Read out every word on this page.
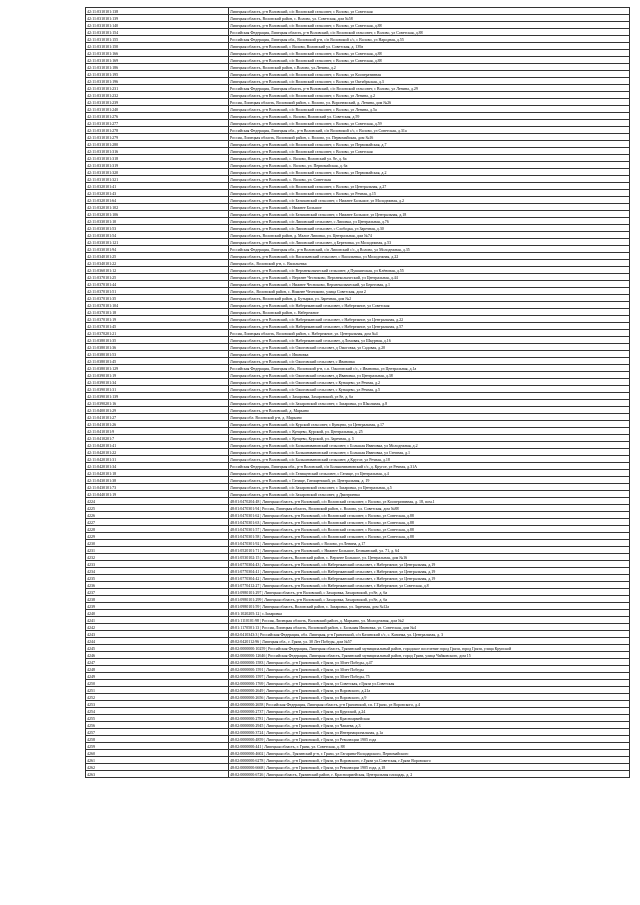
42:11:0310101:138	Липецкая область, р-н Воловский, с/п Воловский сельсовет, с Волово, ул Советская
42:11:0310101:139	Липецкая область, Воловский район, с. Волово, ул. Советская, дом №58
42:11:0310101:140	Липецкая область, р-н Воловский, с/п Воловский сельсовет, с Волово, ул Советская, д.88
42:11:0310101:154	Российская Федерация, Липецкая область, р-н Воловский, с/п Воловский сельсовет, с Волово, ул Советская, д.88
42:11:0310101:155	Российская Федерация, Липецкая обл., Воловский р-н, с/п Воловский с/с, с Волово, ул Народная, д.55
42:11:0310101:150	Липецкая область, р-н Воловский, с Волово, Воловский ул. Советская, д. 139а
42:11:0310101:166	Липецкая область, р-н Воловский, с/п Воловский сельсовет, с Волово, ул Советская, д.88
42:11:0310101:169	Липецкая область, р-н Воловский, с/п Воловский сельсовет, с Волово, ул Советская, д.88
42:11:0310101:186	Липецкая область, Воловский район, с.Волово, ул.Ленина, д.2
42:11:0310101:195	Липецкая область, р-н Воловский, с/п Воловский сельсовет, с Волово, ул Кооперативная
42:11:0310101:196	Липецкая область, р-н Воловский, с/п Воловский сельсовет, с Волово, ул Октябрьская, д.3
42:11:0310101:231	Российская Федерация, Липецкая область, р-н Воловский, с/п Воловский сельсовет, с Волово, ул Ленина, д.29
42:11:0310101:232	Липецкая область, р-н Воловский, с/п Воловский сельсовет, с Волово, ул Ленина, д.2
42:11:0310101:239	Россия, Липецкая область, Воловский район, с. Волово, ул. Воронежский, д. Ленина, дом №26
42:11:0310101:240	Липецкая область, р-н Воловский, с/п Воловский сельсовет, с Волово, ул Ленина, д.5а
42:11:0310101:276	Липецкая область, р-н Воловский, с. Волово, Воловский ул. Советская, д.59
42:11:0310101:277	Липецкая область, р-н Воловский, с/п Воловский сельсовет, с Волово, ул Советская, д.59
42:11:0310101:278	Российская Федерация, Липецкая обл., р-н Воловский, с/п Воловский с/с, с Волово, ул Советская, д.31а
42:11:0310101:279	Россия, Липецкая область, Воловский район, с. Волово, ул. Первомайская, дом №16
42:11:0310101:280	Липецкая область, р-н Воловский, с/п Воловский сельсовет, с Волово, ул Первомайская, д.7
42:11:0310101:316	Липецкая область, р-н Воловский, с/п Воловский сельсовет, с Волово, ул Советская
42:11:0310101:318	Липецкая область, р-н Воловский, с. Волово, Воловский ул. 8е, д. 6а
42:11:0310101:319	Липецкая область, р-н Воловский, с. Волово, ул. Первомайская, д. 6а
42:11:0310101:320	Липецкая область, р-н Воловский, с/п Воловский сельсовет, с Волово, ул Первомайская, д.2
42:11:0310101:321	Липецкая область, р-н Воловский, с. Волово, ул. Советская
42:11:0320101:41	Липецкая область, р-н Воловский, с/п Воловский сельсовет, с Волово, ул Центральная, д.27
42:11:0320101:43	Липецкая область, р-н Воловский, с/п Воловский сельсовет, с Волово, ул Речная, д.15
42:11:0320101:64	Липецкая область, р-н Воловский, с/п Бельчанский сельсовет, с Нижнее Большое, ул Молодежная, д.2
42:11:0320101:102	Липецкая область, р-н Воловский, с Нижнее Большое
42:11:0320101:106	Липецкая область, р-н Воловский, с/п Бельчанский сельсовет, с Нижнее Большое, ул Центральная, д.18
42:11:0330101:10	Липецкая область, р-н Воловский, с/п Липовский сельсовет, с Липовка, ул Центральная, д.76
42:11:0330101:53	Липецкая область, р-н Воловский, с/п Липовский сельсовет, с Слободка, ул Заречная, д.30
42:11:0330101:54	Липецкая область, Воловский район, д. Малое Липовка, ул. Центральная, дом №74
42:11:0330101:121	Липецкая область, р-н Воловский, с/п Липовский сельсовет, д Березовка, ул Молодежная, д.53
42:11:0330101:94	Российская Федерация, Липецкая обл., р-н Воловский, с/п Липовский с/с, д Волово, ул Молодежная, д.35
42:11:0340101:25	Липецкая область, р-н Воловский, с/п Васильевский сельсовет, с Васильевка, ул Молодежная, д.22
42:11:0340101:22	Липецкая обл., Воловский р-н, с. Васильевка
42:11:0360101:12	Липецкая область, р-н Воловский, с/п Верхнеколыческий сельсовет, д Пушкинская, ул Клёновая, д.55
42:11:0370101:25	Липецкая область, р-н Воловский, с Верхнее Чесноково, Верхнеколыческий, ул Центральная, д.44
42:11:0370101:44	Липецкая область, р-н Воловский, с Нижнее Чесноково, Верхнеколыческий, ул Береговая, д.1
42:11:0370101:51	Липецкая обл., Воловский район, с. Нижнее Чесноково, улица Советская, дом 2
42:11:0370101:35	Липецкая область, Воловский район, д. Бутырки, ул. Заречная, дом №2
42:11:0370101:104	Липецкая область, р-н Воловский, с/п Набережанский сельсовет, с Набережное, ул Советская
42:11:0370101:18	Липецкая область, Воловский район, с. Набережное
42:11:0370101:19	Липецкая область, р-н Воловский, с/п Набережанский сельсовет, с Набережное, ул Центральная, д.22
42:11:0370101:45	Липецкая область, р-н Воловский, с/п Набережанский сельсовет, с Набережное, ул Центральная, д.57
42:11:0370201:21	Россия, Липецкая область, Воловский район, с. Набережное, ул. Центральная, дом №4
42:11:0380101:35	Липецкая область, р-н Воловский, с/п Набережанский сельсовет, д Ломовая, ул Шкурная, д.16
42:11:0380101:36	Липецкая область, р-н Воловский, с/п Ожоговский сельсовет, д Ожоговка, ул Садовая, д.20
42:11:0380101:53	Липецкая область, р-н Воловский, с Ивановка
42:11:0380101:45	Липецкая область, р-н Воловский, с/п Ожоговский сельсовет, с Ивановка
42:11:0380101:129	Российская Федерация, Липецкая обл., Воловский р-н, с.п. Ожоговский с/с, с Ивановка, ул Центральная, д.1а
42:11:0390101:19	Липецкая область, р-н Воловский, с/п Ожоговский сельсовет, д Ивановка, ул Центральная, д.38
42:11:0390101:34	Липецкая область, р-н Воловский, с/п Ожоговский сельсовет, с Кунацево, ул Речная, д.2
42:11:0390101:31	Липецкая область, р-н Воловский, с/п Ожоговский сельсовет, с Кунацево, ул Речная, д.5
42:11:0390101:139	Липецкая область, р-н Воловский, с Захаровка, Захаровский, ул 8е, д. 6а
42:11:0390201:16	Липецкая область, р-н Воловский, с/п Захаровский сельсовет, с Захаровка, ул Школьная, д.8
42:11:0400101:29	Липецкая область, р-н Воловский, д. Марьино
42:11:0410101:27	Липецкая обл. Воловский р-н, д. Марьино
42:11:0410101:26	Липецкая область, р-н Воловский, с/п Курский сельсовет, с Кунцево, ул Центральная, д.17
42:11:0410101:9	Липецкая область, р-н Воловский, с Кунцево, Курский, ул. Центральная, д. 25
42:11:0410201:7	Липецкая область, р-н Воловский, с Кунцево, Курский, ул. Заречная, д. 5
42:11:0420101:41	Липецкая область, р-н Воловский, с/п Большеивановский сельсовет, с Большая Ивановка, ул Молодежная, д.2
42:11:0420101:22	Липецкая область, р-н Воловский, с/п Большеивановский сельсовет, с Большая Ивановка, ул Степная, д.1
42:11:0420101:31	Липецкая область, р-н Воловский, с/п Большеивановский сельсовет, д Кругое, ул Речная, д.18
42:11:0420101:34	Российская Федерация, Липецкая обл., р-н Воловский, с/п Большеивановский с/с, д. Кругое, ул Речная, д.31А
42:11:0420101:18	Липецкая область, р-н Воловский, с/п Гатищенский сельсовет, с Гатище, ул Центральная, д.4
42:11:0430101:38	Липецкая область, р-н Воловский, с Гатище, Гатищенский, ул. Центральная, д. 19
42:11:0430101:73	Липецкая область, р-н Воловский, с/п Захаровский сельсовет, с Захаровка, ул Центральная, д.5
42:11:0440101:19	Липецкая область, р-н Воловский, с/п Захаровский сельсовет, д Дмитриевка
4224	48:01:0470204:48 | Липецкая область, р-н Воловский, с/п Воловский сельсовет, с Волово, ул Кооперативная, д. 18, пом.1
4225	48:01:0470301:94 | Россия, Липецкая область, Воловский район, с. Волово, ул. Советская, дом №88
4226	48:01:0470301:62 | Липецкая область, р-н Воловский, с/п Воловский сельсовет, с Волово, ул Советская, д.88
4227	48:01:0470301:63 | Липецкая область, р-н Воловский, с/п Воловский сельсовет, с Волово, ул Советская, д.88
4228	48:01:0470301:57 | Липецкая область, р-н Воловский, с/п Воловский сельсовет, с Волово, ул Советская, д.88
4229	48:01:0470301:58 | Липецкая область, р-н Воловский, с/п Воловский сельсовет, с Волово, ул Советская, д.88
4230	48:01:0470301:92 | Липецкая область, р-н Воловский, с Волово, ул Ленина, д.17
4231	48:01:0520101:71 | Липецкая область, р-н Воловский, с Нижнее Большое, Бельчанский, ул. 71, д. 64
4232	48:01:0530102:15 | Липецкая область, Воловский район, с. Верхнее Большое, ул. Центральная, дом №16
4233	48:01:0770304:43 | Липецкая область, р-н Воловский, с/п Набережанский сельсовет, с Набережное, ул Центральная, д.19
4234	48:01:0770304:41 | Липецкая область, р-н Воловский, с/п Набережанский сельсовет, с Набережное, ул Центральная, д.19
4235	48:01:0770304:42 | Липецкая область, р-н Воловский, с/п Набережанский сельсовет, с Набережное, ул Центральная, д.19
4236	48:01:0770412:27 | Липецкая область, р-н Воловский, с/п Набережанский сельсовет, с Набережное, ул Советская, д.8
4237	48:01:0980101:297 | Липецкая область, р-н Воловский, с Захаровка, Захаровский, ул 8е, д. 6а
4238	48:01:0980101:299 | Липецкая область, р-н Воловский, с Захаровка, Захаровский, ул 8е, д. 6а
4239	48:01:0980101:59 | Липецкая область, Воловский район, с. Захаровка, ул. Заречная, дом №12а
4240	48:01:1020205:12 | с.Захаровка
4241	48:01:1110101:98 | Россия, Липецкая область, Воловский район, д. Марьино, ул. Молодежная, дом №2
4242	48:01:1170501:13 | Россия, Липецкая область, Воловский район, с. Большая Ивановка, ул. Советская, дом №4
4243	48:02:0410343:3 | Российская Федерация, обл. Липецкая, р-н Грязинский, с/п Казинский с/с, с. Казинка, ул. Центральная, д. 3
4244	48:02:0420112:96 | Липецкая обл., г. Грязи, ул. 30 Лет Победы, дом №57
4245	48:02:0000000:10259 | Российская Федерация, Липецкая область, Грязинский муниципальный район, городское поселение город Грязи, город Грязи, улица Крупской
4246	48:02:0000000:12646 | Российская Федерация, Липецкая область, Грязинский муниципальный район, город Грязи, улица Чайковского, дом 15
4247	48:02:0000000:1583 | Липецкая обл., р-н Грязинский, г Грязи, ул 30лет Победы, д.47
4248	48:02:0000000:1591 | Липецкая обл., р-н Грязинский, г Грязи, ул 30лет Победы
4249	48:02:0000000:1597 | Липецкая обл., р-н Грязинский, г Грязи, ул 30лет Победы, 75
4250	48:02:0000000:1769 | Липецкая обл., р-н Грязинский, г Грязи, ул Советская, г.Грязи ул.Советская
4251	48:02:0000000:2649 | Липецкая обл., р-н Грязинский, г Грязи, ул Воровского, д.21а
4252	48:02:0000000:2656 | Липецкая обл., р-н Грязинский, г Грязи, ул Воровского, д.9
4253	48:02:0000000:2658 | Российская Федерация, Липецкая область, р-н Грязинский, г.п. Г.Грязи, ул Воровского, д.4
4254	48:02:0000000:2737 | Липецкая обл., р-н Грязинский, г Грязи, ул Крупской, д.24
4255	48:02:0000000:2781 | Липецкая обл., р-н Грязинский, г Грязи, ул Красноармейская
4256	48:02:0000000:2945 | Липецкая обл., р-н Грязинский, г Грязи, ул Чапаева, д.3
4257	48:02:0000000:3724 | Липецкая обл., р-н Грязинский, г Грязи, ул Интернациональная, д.1а
4258	48:02:0000000:4859 | Липецкая обл., р-н Грязинский, г Грязи, ул Революции 1905 года
4259	48:02:0000000:441 | Липецкая область, г. Грязи, ул. Советская, д. 88
4260	48:02:0000000:4602 | Липецкая обл., Грязинский р-н, г. Грязи, ул Гагарина-Володарского, Первомайского
4261	48:02:0000000:6278 | Липецкая обл., р-н Грязинский, г Грязи, ул Воровского, г.Грязи ул.Советская, г.Грязи Воровского
4262	48:02:0000000:6668 | Липецкая обл., р-н Грязинский, г Грязи, ул Революции 1905 года, д.18
4263	48:02:0000000:6726 | Липецкая область, Грязинский район, г. Красноармейская, Центральная площадь, д. 2
